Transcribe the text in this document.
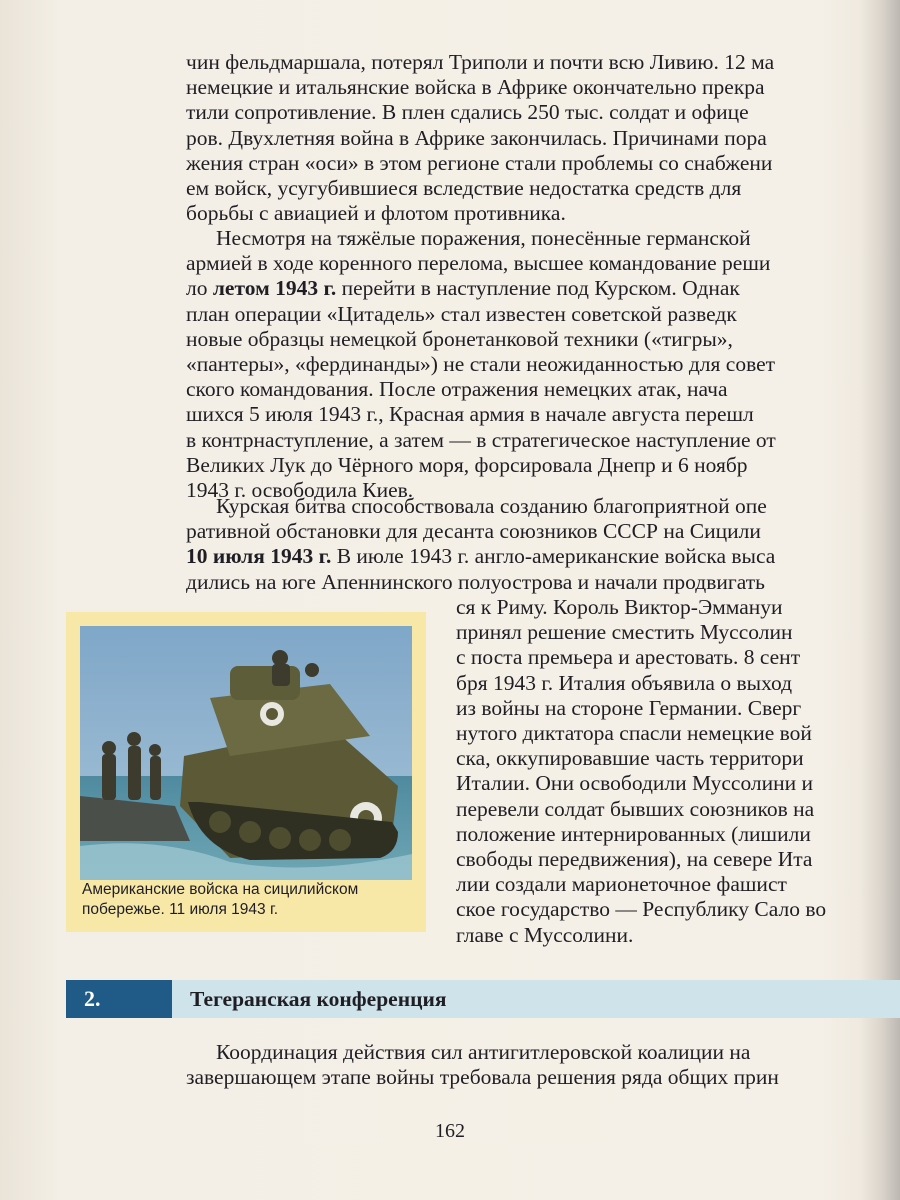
чин фельдмаршала, потерял Триполи и почти всю Ливию. 12 ма
немецкие и итальянские войска в Африке окончательно прекра
тили сопротивление. В плен сдались 250 тыс. солдат и офице
ров. Двухлетняя война в Африке закончилась. Причинами пора
жения стран «оси» в этом регионе стали проблемы со снабжени
ем войск, усугубившиеся вследствие недостатка средств для
борьбы с авиацией и флотом противника.
Несмотря на тяжёлые поражения, понесённые германской
армией в ходе коренного перелома, высшее командование реши
ло летом 1943 г. перейти в наступление под Курском. Однак
план операции «Цитадель» стал известен советской разведк
новые образцы немецкой бронетанковой техники («тигры»,
«пантеры», «фердинанды») не стали неожиданностью для совет
ского командования. После отражения немецких атак, нача
шихся 5 июля 1943 г., Красная армия в начале августа перешл
в контрнаступление, а затем — в стратегическое наступление от
Великих Лук до Чёрного моря, форсировала Днепр и 6 ноябр
1943 г. освободила Киев.
Курская битва способствовала созданию благоприятной опе
ративной обстановки для десанта союзников СССР на Сицили
10 июля 1943 г. В июле 1943 г. англо-американские войска выса
дились на юге Апеннинского полуострова и начали продвигать
Американские войска на сицилийском
побережье. 11 июля 1943 г.
ся к Риму. Король Виктор-Эммануи
принял решение сместить Муссолин
с поста премьера и арестовать. 8 сент
бря 1943 г. Италия объявила о выход
из войны на стороне Германии. Сверг
нутого диктатора спасли немецкие вой
ска, оккупировавшие часть территори
Италии. Они освободили Муссолини и
перевели солдат бывших союзников на
положение интернированных (лишили
свободы передвижения), на севере Ита
лии создали марионеточное фашист
ское государство — Республику Сало во
главе с Муссолини.
2.	Тегеранская конференция
Координация действия сил антигитлеровской коалиции на
завершающем этапе войны требовала решения ряда общих прин
162
